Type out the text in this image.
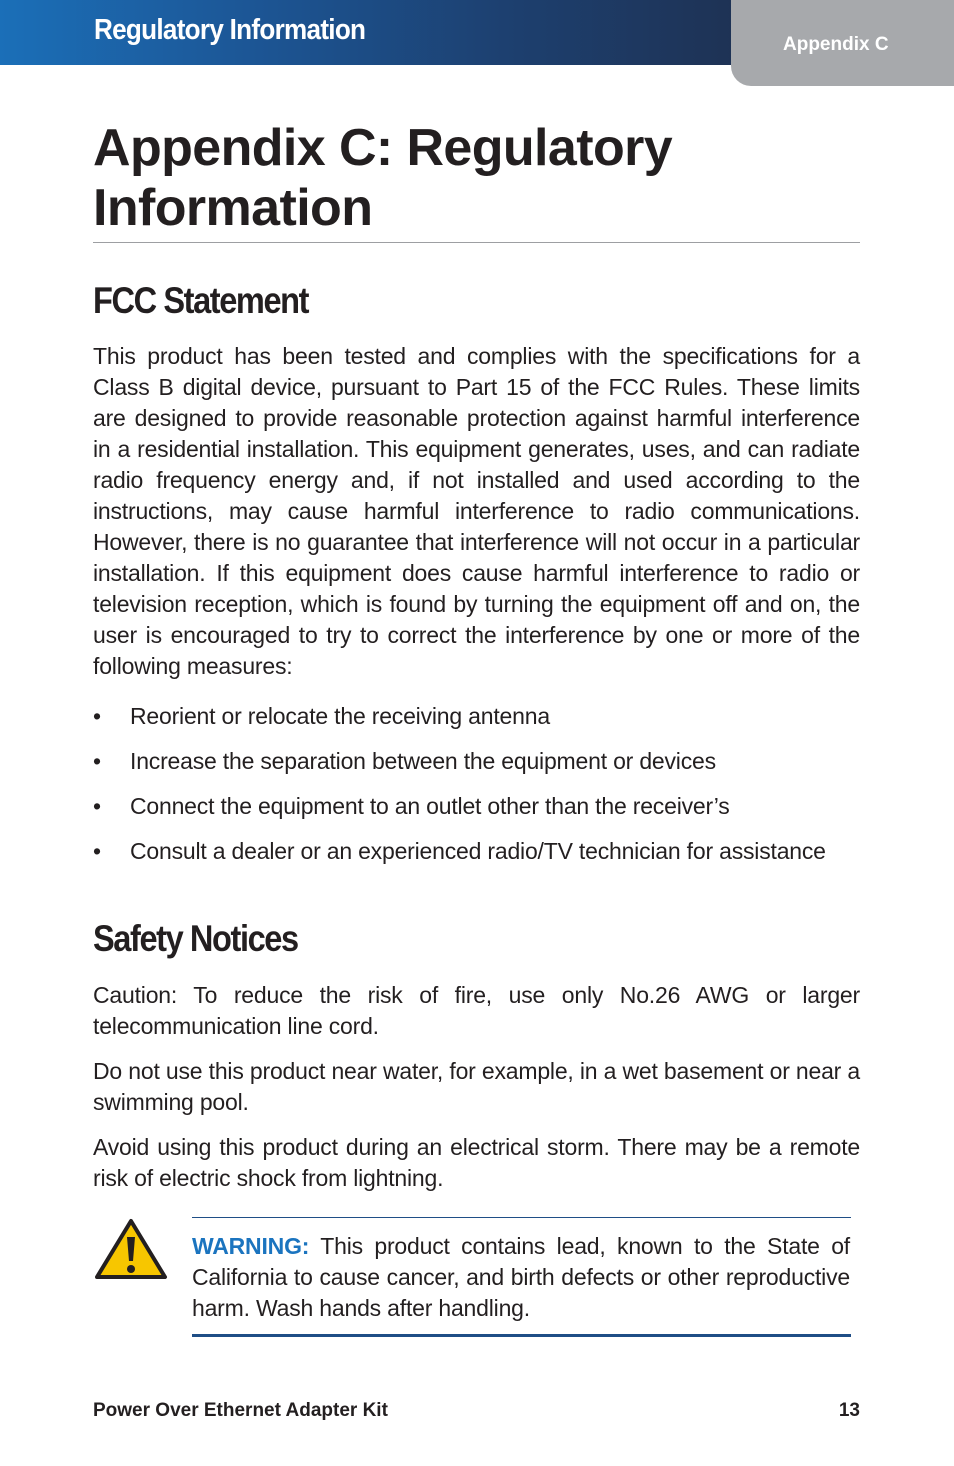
Regulatory Information	Appendix C
Appendix C: Regulatory Information
FCC Statement

This product has been tested and complies with the specifications for a Class B digital device, pursuant to Part 15 of the FCC Rules. These limits are designed to provide reasonable protection against harmful interference in a residential installation. This equipment generates, uses, and can radiate radio frequency energy and, if not installed and used according to the instructions, may cause harmful interference to radio communications. However, there is no guarantee that interference will not occur in a particular installation. If this equipment does cause harmful interference to radio or television reception, which is found by turning the equipment off and on, the user is encouraged to try to correct the interference by one or more of the following measures:

• Reorient or relocate the receiving antenna
• Increase the separation between the equipment or devices
• Connect the equipment to an outlet other than the receiver’s
• Consult a dealer or an experienced radio/TV technician for assistance
Safety Notices

Caution: To reduce the risk of fire, use only No.26 AWG or larger telecommunication line cord.

Do not use this product near water, for example, in a wet basement or near a swimming pool.

Avoid using this product during an electrical storm. There may be a remote risk of electric shock from lightning.

WARNING: This product contains lead, known to the State of California to cause cancer, and birth defects or other reproductive harm. Wash hands after handling.

Power Over Ethernet Adapter Kit	13
